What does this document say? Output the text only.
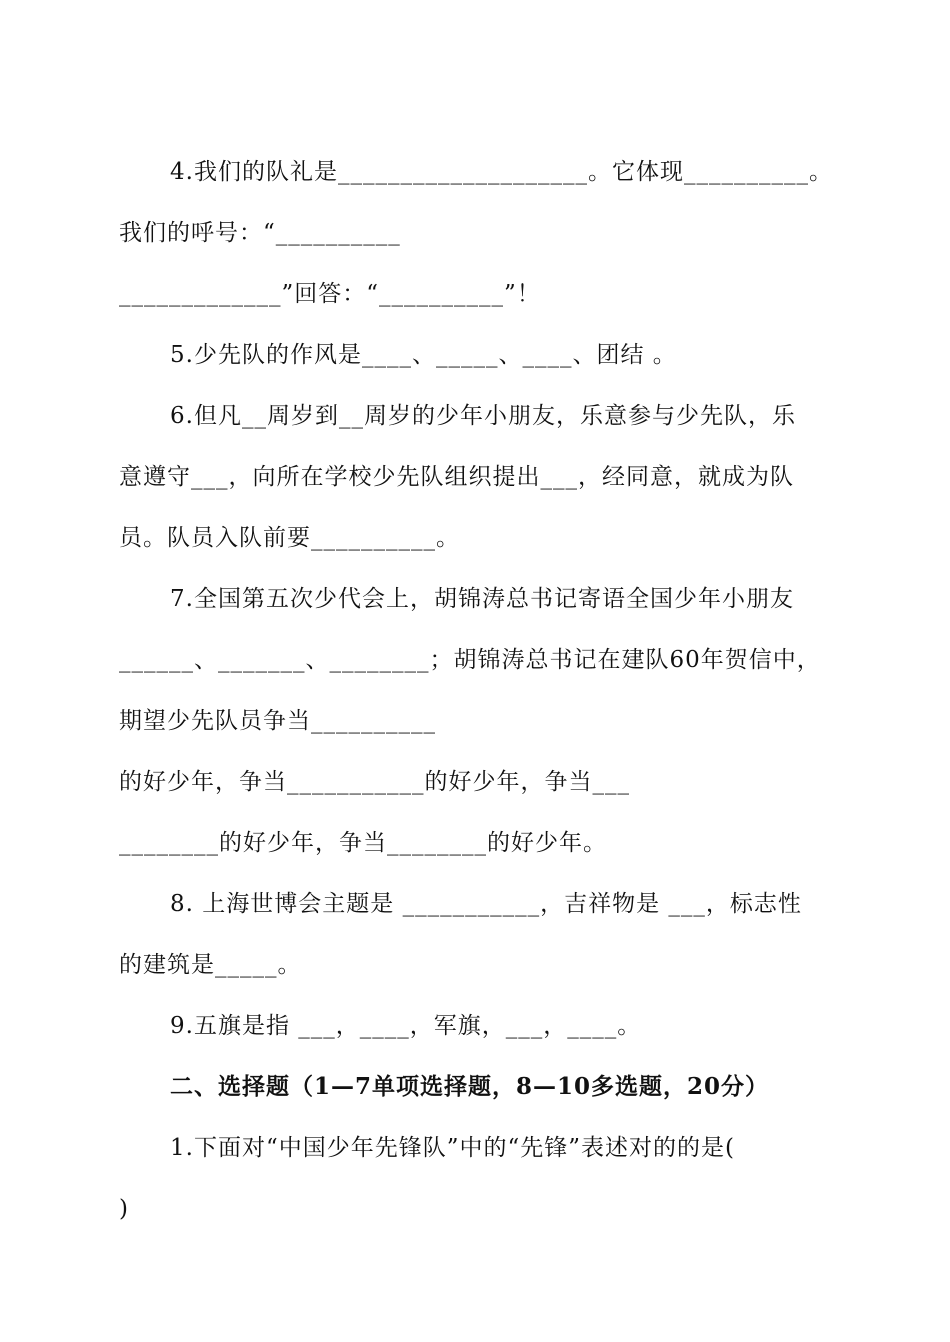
4.我们的队礼是____________________。它体现__________。
我们的呼号：“__________
_____________”回答：“__________”！
5.少先队的作风是____、_____、____、团结 。
6.但凡__周岁到__周岁的少年小朋友，乐意参与少先队，乐
意遵守___，向所在学校少先队组织提出___，经同意，就成为队
员。队员入队前要__________。
7.全国第五次少代会上，胡锦涛总书记寄语全国少年小朋友
______、_______、________；胡锦涛总书记在建队60年贺信中，
期望少先队员争当__________
的好少年，争当___________的好少年，争当___
________的好少年，争当________的好少年。
8. 上海世博会主题是 ___________，吉祥物是 ___，标志性
的建筑是_____。
9.五旗是指 ___，____，军旗，___，____。
二、选择题（1—7单项选择题，8—10多选题，20分）
1.下面对“中国少年先锋队”中的“先锋”表述对的的是(
)
